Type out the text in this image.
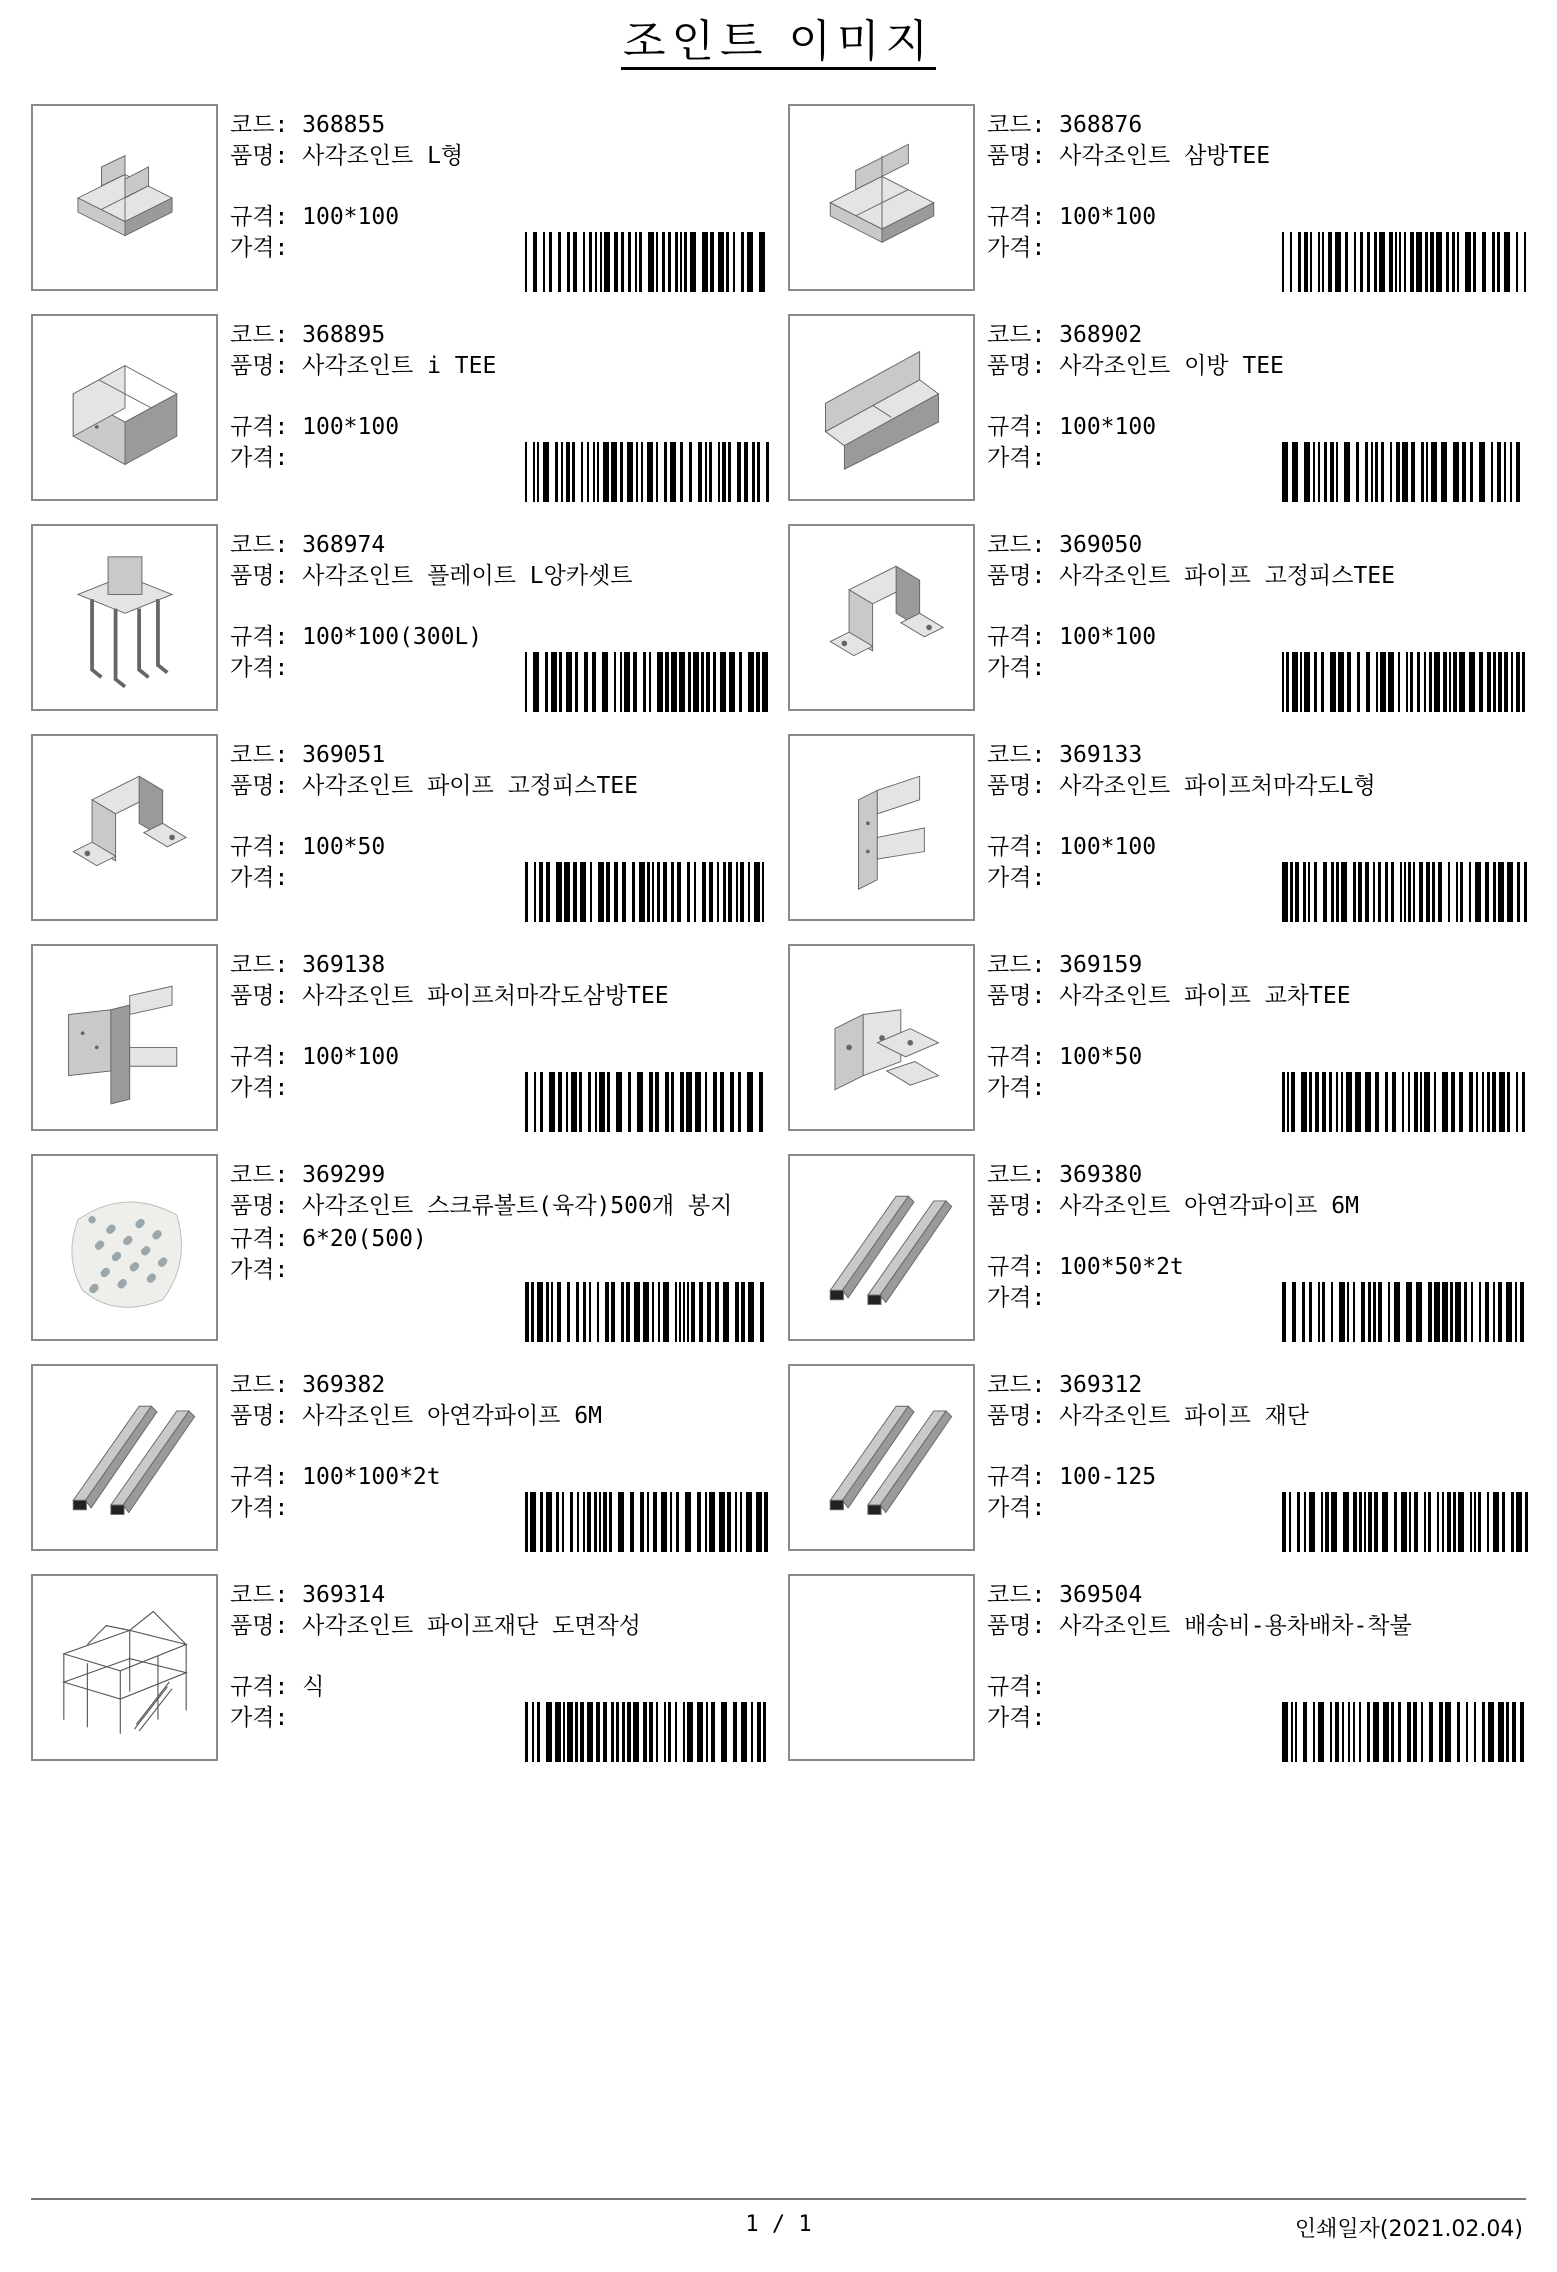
조인트 이미지
코드: 368855
품명: 사각조인트 L형
규격: 100*100
가격:
코드: 368876
품명: 사각조인트 삼방TEE
규격: 100*100
가격:
코드: 368895
품명: 사각조인트 i TEE
규격: 100*100
가격:
코드: 368902
품명: 사각조인트 이방 TEE
규격: 100*100
가격:
코드: 368974
품명: 사각조인트 플레이트 L앙카셋트
규격: 100*100(300L)
가격:
코드: 369050
품명: 사각조인트 파이프 고정피스TEE
규격: 100*100
가격:
코드: 369051
품명: 사각조인트 파이프 고정피스TEE
규격: 100*50
가격:
코드: 369133
품명: 사각조인트 파이프처마각도L형
규격: 100*100
가격:
코드: 369138
품명: 사각조인트 파이프처마각도삼방TEE
규격: 100*100
가격:
코드: 369159
품명: 사각조인트 파이프 교차TEE
규격: 100*50
가격:
코드: 369299
품명: 사각조인트 스크류볼트(육각)500개 봉지
규격: 6*20(500)
가격:
코드: 369380
품명: 사각조인트 아연각파이프 6M
규격: 100*50*2t
가격:
코드: 369382
품명: 사각조인트 아연각파이프 6M
규격: 100*100*2t
가격:
코드: 369312
품명: 사각조인트 파이프 재단
규격: 100-125
가격:
코드: 369314
품명: 사각조인트 파이프재단 도면작성
규격: 식
가격:
코드: 369504
품명: 사각조인트 배송비-용차배차-착불
규격:
가격:
1 / 1	인쇄일자(2021.02.04)
